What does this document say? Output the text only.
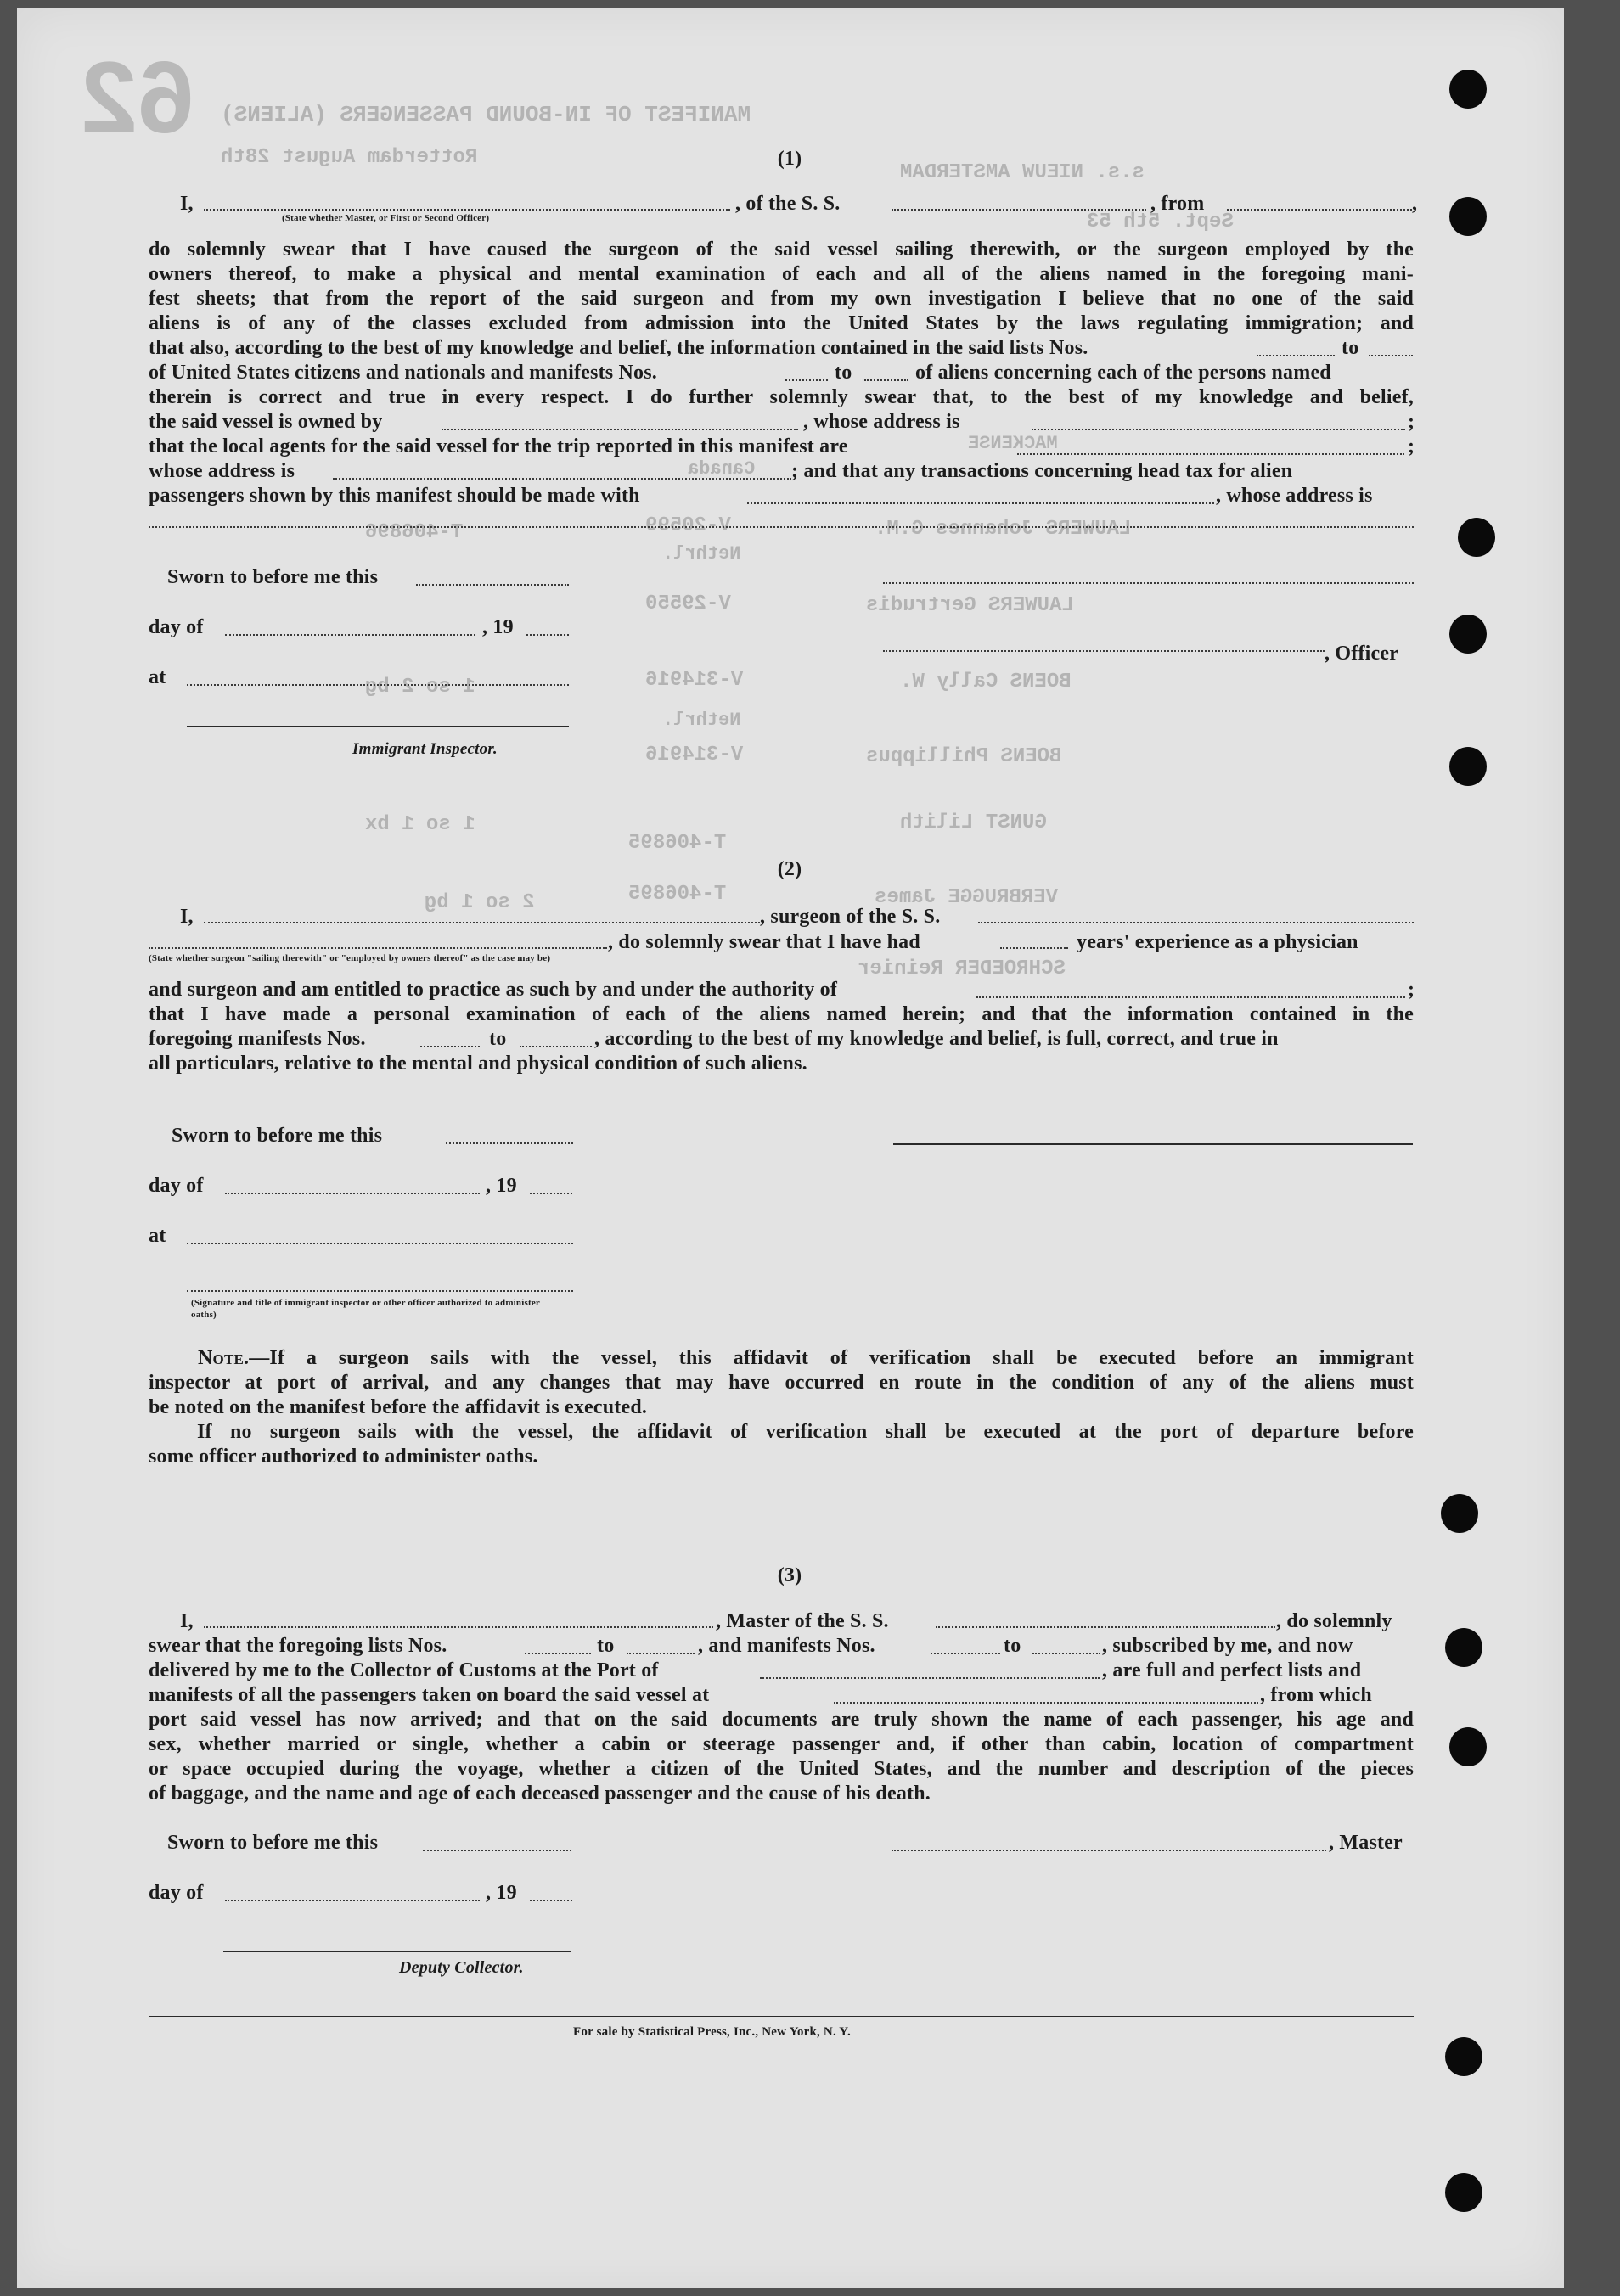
62 MANIFEST OF IN-BOUND PASSENGERS (ALIENS)
Rotterdam August 28th
s.s. NIEUW AMSTERDAM
Sept. 5th 53
MACKENSE
Canada
LAUWERS Johannes G.M.
V-20599
T-406896
Nethrl.
LAUWERS Gertrudis
V-29550
BOENS Cally W.
V-314916
1 so 2 bg
Nethrl.
BOENS Phillippus
V-314916
GUNST Lilith
1 so 1 bx
T-406895
VERBRUGGE James
T-406895
2 so 1 bg
SCHROEDER Reinier
(1)
I,	, of the S. S.	, from	,
(State whether Master, or First or Second Officer)
do solemnly swear that I have caused the surgeon of the said vessel sailing therewith, or the surgeon employed by the
owners thereof, to make a physical and mental examination of each and all of the aliens named in the foregoing mani-
fest sheets; that from the report of the said surgeon and from my own investigation I believe that no one of the said
aliens is of any of the classes excluded from admission into the United States by the laws regulating immigration; and
that also, according to the best of my knowledge and belief, the information contained in the said lists Nos.	to
of United States citizens and nationals and manifests Nos.	to	of aliens concerning each of the persons named
therein is correct and true in every respect. I do further solemnly swear that, to the best of my knowledge and belief,
the said vessel is owned by	, whose address is	;
that the local agents for the said vessel for the trip reported in this manifest are	;
whose address is	; and that any transactions concerning head tax for alien
passengers shown by this manifest should be made with	, whose address is
Sworn to before me this
day of	, 19
, Officer
at
Immigrant Inspector.
(2)
I,	, surgeon of the S. S.
, do solemnly swear that I have had	years' experience as a physician
(State whether surgeon "sailing therewith" or "employed by owners thereof" as the case may be)
and surgeon and am entitled to practice as such by and under the authority of	;
that I have made a personal examination of each of the aliens named herein; and that the information contained in the
foregoing manifests Nos.	to	, according to the best of my knowledge and belief, is full, correct, and true in
all particulars, relative to the mental and physical condition of such aliens.
Sworn to before me this
day of	, 19
at
(Signature and title of immigrant inspector or other officer authorized to administer oaths)
Note.—If a surgeon sails with the vessel, this affidavit of verification shall be executed before an immigrant
inspector at port of arrival, and any changes that may have occurred en route in the condition of any of the aliens must
be noted on the manifest before the affidavit is executed.
If no surgeon sails with the vessel, the affidavit of verification shall be executed at the port of departure before
some officer authorized to administer oaths.
(3)
I,	, Master of the S. S.	, do solemnly
swear that the foregoing lists Nos.	to	, and manifests Nos.	to	, subscribed by me, and now
delivered by me to the Collector of Customs at the Port of	, are full and perfect lists and
manifests of all the passengers taken on board the said vessel at	, from which
port said vessel has now arrived; and that on the said documents are truly shown the name of each passenger, his age and
sex, whether married or single, whether a cabin or steerage passenger and, if other than cabin, location of compartment
or space occupied during the voyage, whether a citizen of the United States, and the number and description of the pieces
of baggage, and the name and age of each deceased passenger and the cause of his death.
Sworn to before me this	, Master
day of	, 19
Deputy Collector.
For sale by Statistical Press, Inc., New York, N. Y.
